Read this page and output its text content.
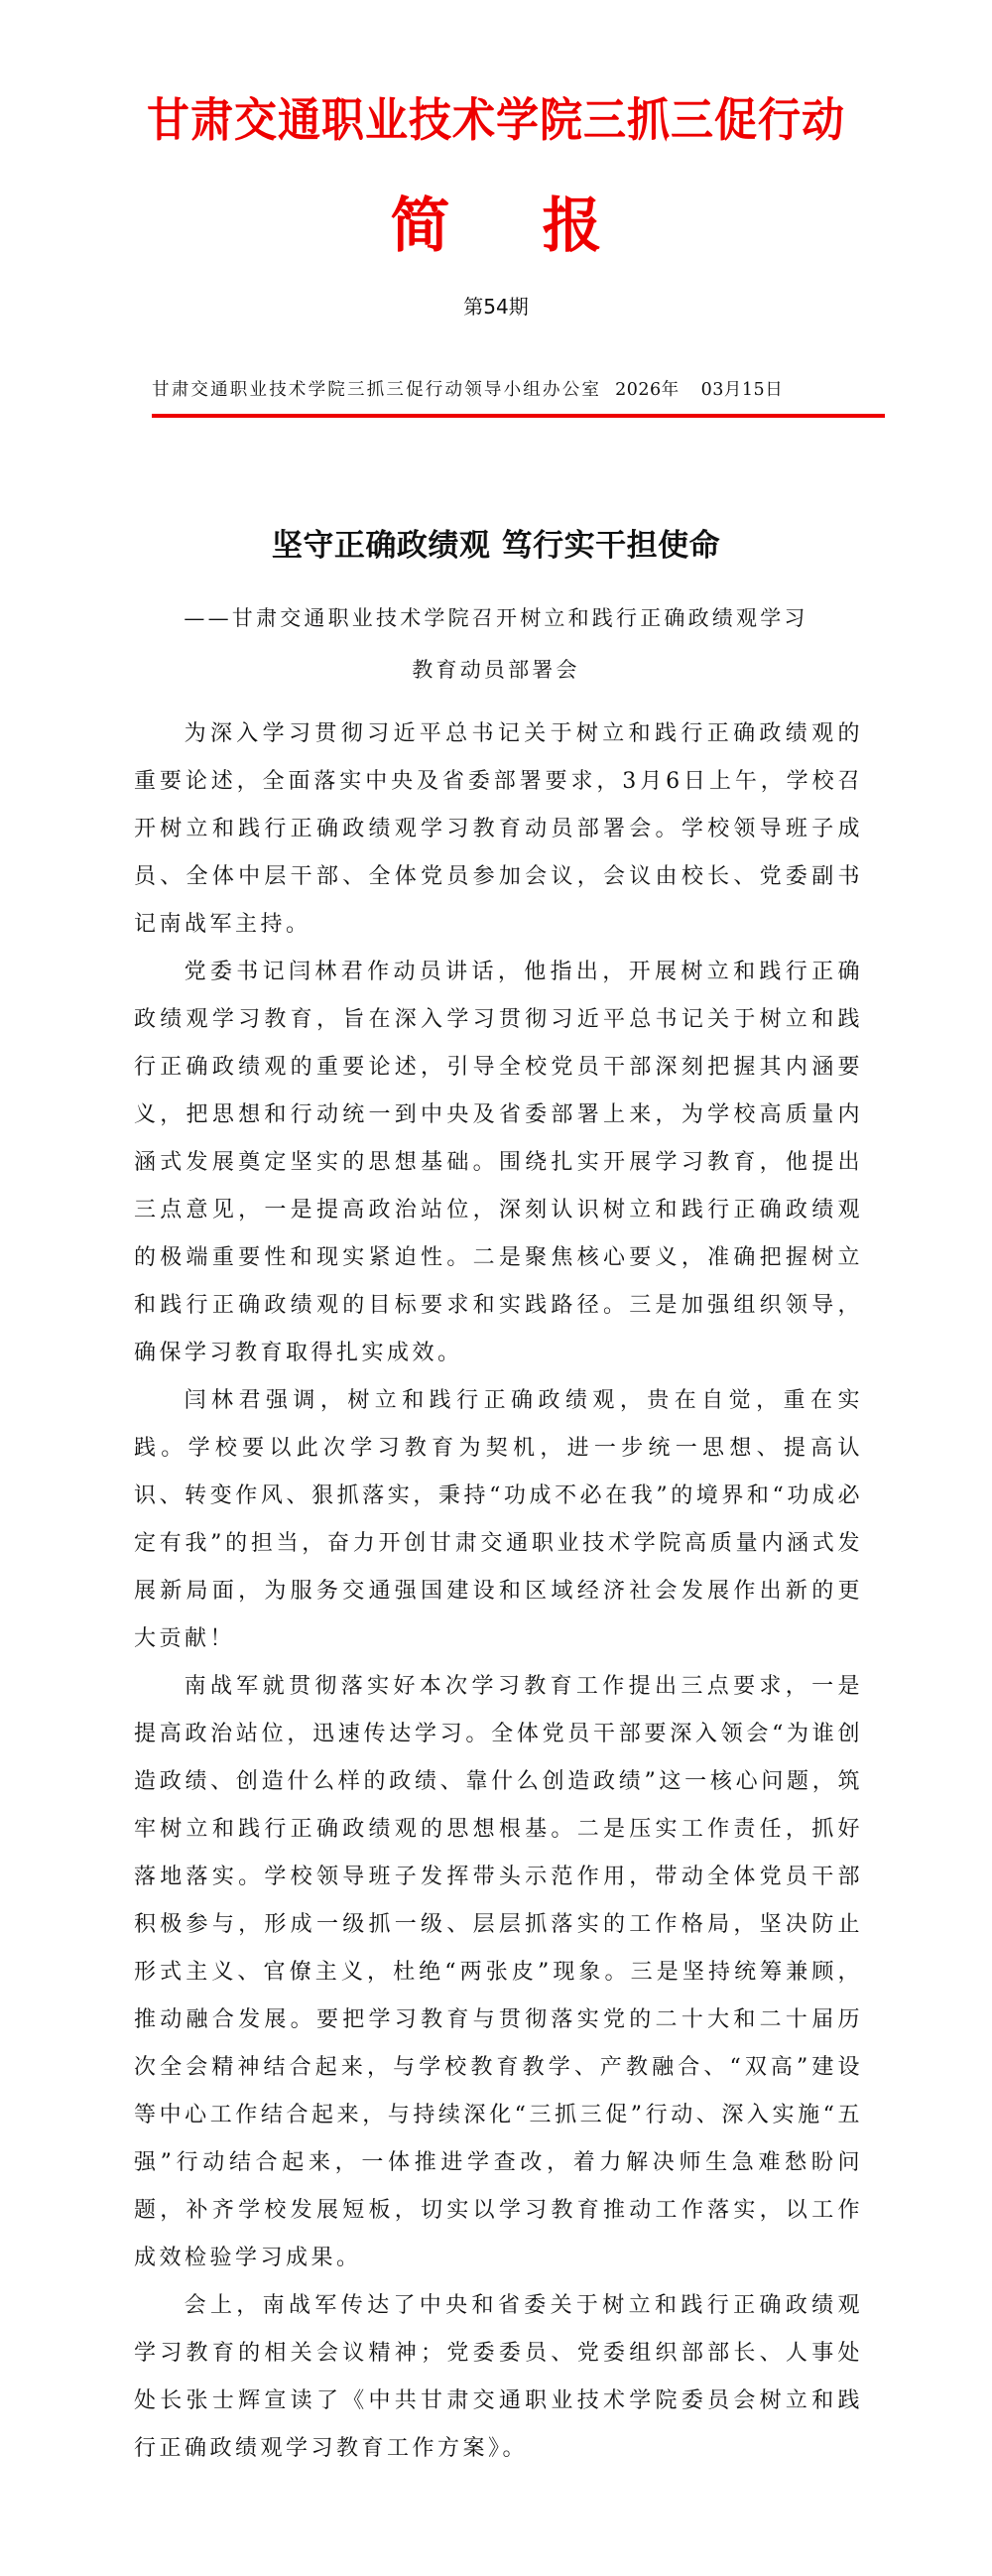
甘肃交通职业技术学院三抓三促行动
简 报
第54期
甘肃交通职业技术学院三抓三促行动领导小组办公室 2026年 03月15日
坚守正确政绩观 笃行实干担使命
——甘肃交通职业技术学院召开树立和践行正确政绩观学习
教育动员部署会

为深入学习贯彻习近平总书记关于树立和践行正确政绩观的重要论述，全面落实中央及省委部署要求，3月6日上午，学校召开树立和践行正确政绩观学习教育动员部署会。学校领导班子成员、全体中层干部、全体党员参加会议，会议由校长、党委副书记南战军主持。

党委书记闫林君作动员讲话，他指出，开展树立和践行正确政绩观学习教育，旨在深入学习贯彻习近平总书记关于树立和践行正确政绩观的重要论述，引导全校党员干部深刻把握其内涵要义，把思想和行动统一到中央及省委部署上来，为学校高质量内涵式发展奠定坚实的思想基础。围绕扎实开展学习教育，他提出三点意见，一是提高政治站位，深刻认识树立和践行正确政绩观的极端重要性和现实紧迫性。二是聚焦核心要义，准确把握树立和践行正确政绩观的目标要求和实践路径。三是加强组织领导，确保学习教育取得扎实成效。

闫林君强调，树立和践行正确政绩观，贵在自觉，重在实践。学校要以此次学习教育为契机，进一步统一思想、提高认识、转变作风、狠抓落实，秉持“功成不必在我”的境界和“功成必定有我”的担当，奋力开创甘肃交通职业技术学院高质量内涵式发展新局面，为服务交通强国建设和区域经济社会发展作出新的更大贡献！

南战军就贯彻落实好本次学习教育工作提出三点要求，一是提高政治站位，迅速传达学习。全体党员干部要深入领会“为谁创造政绩、创造什么样的政绩、靠什么创造政绩”这一核心问题，筑牢树立和践行正确政绩观的思想根基。二是压实工作责任，抓好落地落实。学校领导班子发挥带头示范作用，带动全体党员干部积极参与，形成一级抓一级、层层抓落实的工作格局，坚决防止形式主义、官僚主义，杜绝“两张皮”现象。三是坚持统筹兼顾，推动融合发展。要把学习教育与贯彻落实党的二十大和二十届历次全会精神结合起来，与学校教育教学、产教融合、“双高”建设等中心工作结合起来，与持续深化“三抓三促”行动、深入实施“五强”行动结合起来，一体推进学查改，着力解决师生急难愁盼问题，补齐学校发展短板，切实以学习教育推动工作落实，以工作成效检验学习成果。

会上，南战军传达了中央和省委关于树立和践行正确政绩观学习教育的相关会议精神；党委委员、党委组织部部长、人事处处长张士辉宣读了《中共甘肃交通职业技术学院委员会树立和践行正确政绩观学习教育工作方案》。
